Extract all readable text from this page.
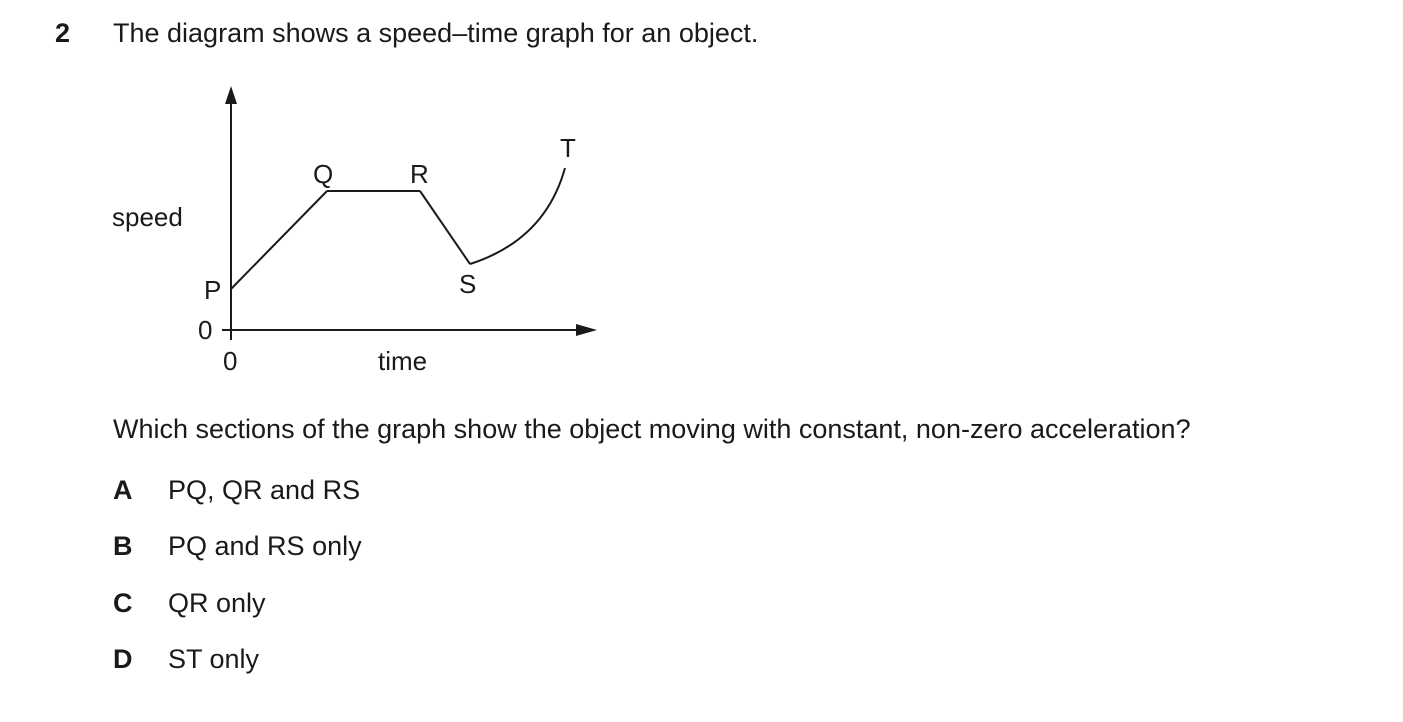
2 The diagram shows a speed–time graph for an object.
speed
time
0
0
P
Q	R
S
T
Which sections of the graph show the object moving with constant, non-zero acceleration?
A	PQ, QR and RS
B	PQ and RS only
C	QR only
D	ST only
